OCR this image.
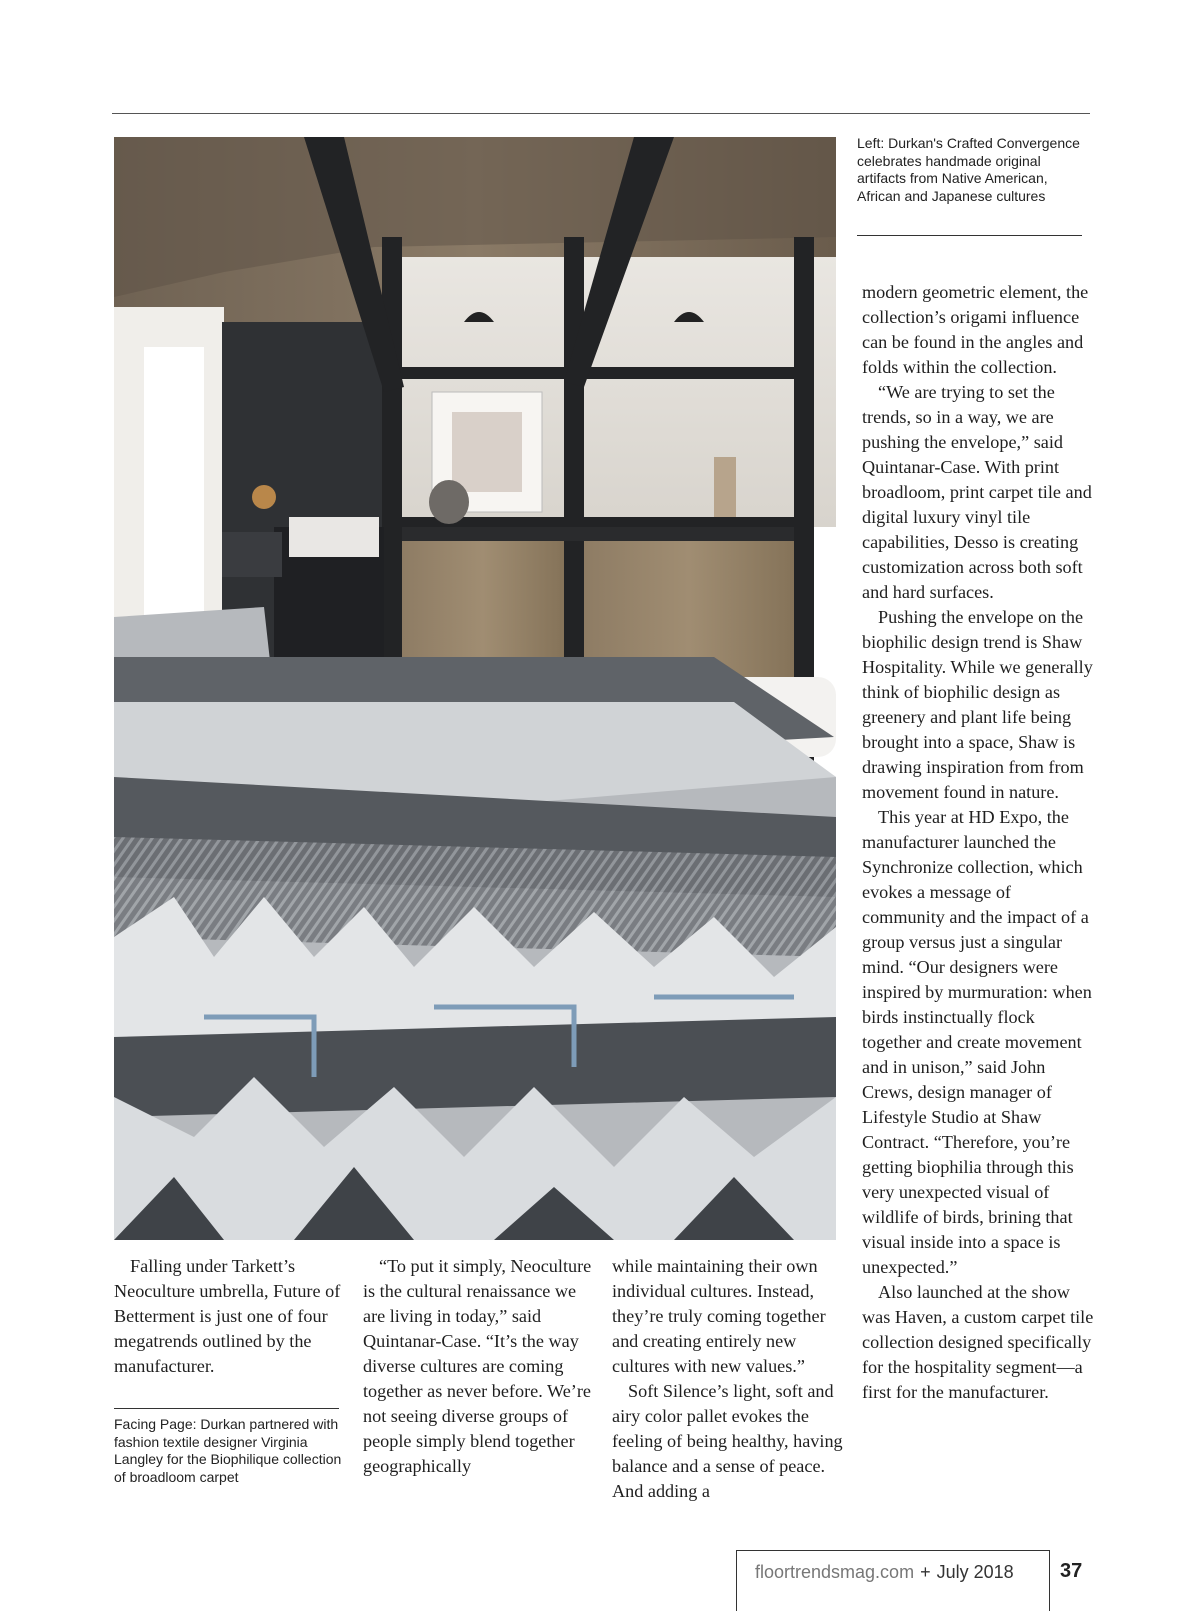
Left: Durkan's Crafted Convergence celebrates handmade original artifacts from Native American, African and Japanese cultures

Falling under Tarkett’s Neoculture umbrella, Future of Betterment is just one of four megatrends outlined by the manufacturer.

Facing Page: Durkan partnered with fashion textile designer Virginia Langley for the Biophilique collection of broadloom carpet

“To put it simply, Neoculture is the cultural renaissance we are living in today,” said Quintanar-Case. “It’s the way diverse cultures are coming together as never before. We’re not seeing diverse groups of people simply blend together geographically

while maintaining their own individual cultures. Instead, they’re truly coming together and creating entirely new cultures with new values.”

Soft Silence’s light, soft and airy color pallet evokes the feeling of being healthy, having balance and a sense of peace. And adding a

modern geometric element, the collection’s origami influence can be found in the angles and folds within the collection.

“We are trying to set the trends, so in a way, we are pushing the envelope,” said Quintanar-Case. With print broadloom, print carpet tile and digital luxury vinyl tile capabilities, Desso is creating customization across both soft and hard surfaces.

Pushing the envelope on the biophilic design trend is Shaw Hospitality. While we generally think of biophilic design as greenery and plant life being brought into a space, Shaw is drawing inspiration from from movement found in nature.

This year at HD Expo, the manufacturer launched the Synchronize collection, which evokes a message of community and the impact of a group versus just a singular mind. “Our designers were inspired by murmuration: when birds instinctually flock together and create movement and in unison,” said John Crews, design manager of Lifestyle Studio at Shaw Contract. “Therefore, you’re getting biophilia through this very unexpected visual of wildlife of birds, brining that visual inside into a space is unexpected.”

Also launched at the show was Haven, a custom carpet tile collection designed specifically for the hospitality segment—a first for the manufacturer.

floortrendsmag.com + July 2018 37
